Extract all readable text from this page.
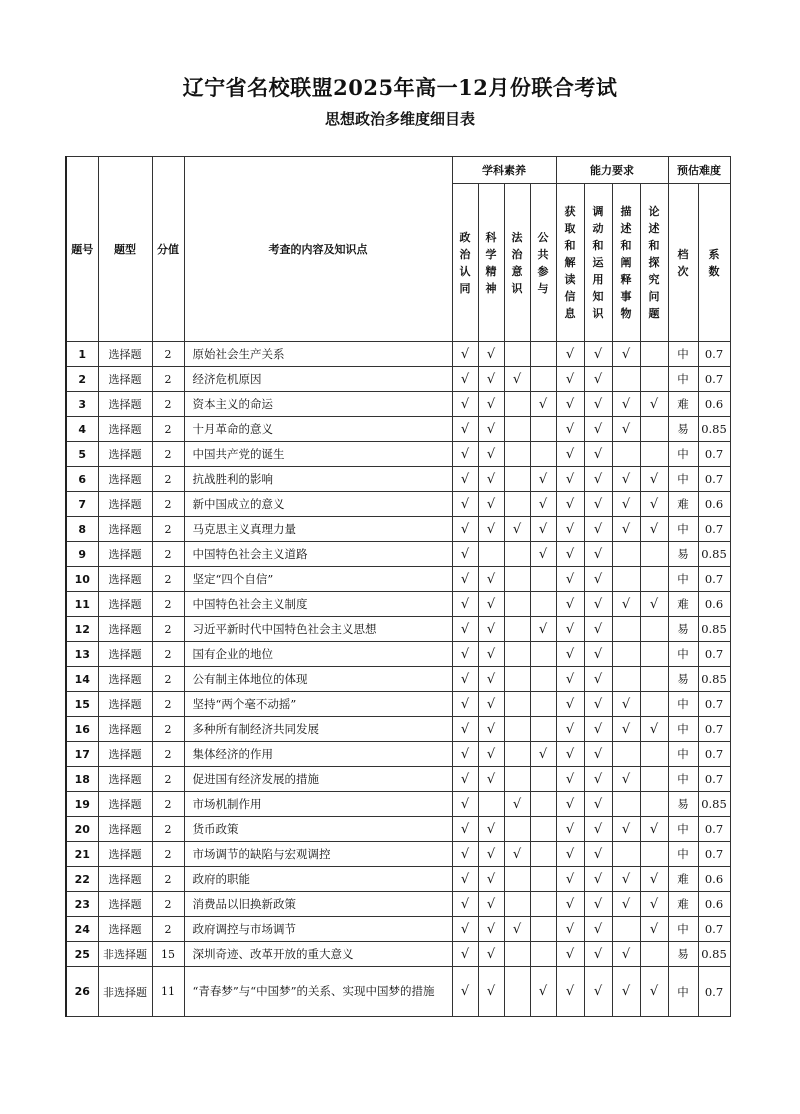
辽宁省名校联盟2025年高一12月份联合考试
思想政治多维度细目表
题号	题型	分值	考查的内容及知识点	学科素养				能力要求				预估难度	
				政治认同	科学精神	法治意识	公共参与	获取和解读信息	调动和运用知识	描述和阐释事物	论述和探究问题	档次	系数
1	选择题	2	原始社会生产关系	√	√			√	√	√		中	0.7
2	选择题	2	经济危机原因	√	√	√		√	√			中	0.7
3	选择题	2	资本主义的命运	√	√		√	√	√	√	√	难	0.6
4	选择题	2	十月革命的意义	√	√			√	√	√		易	0.85
5	选择题	2	中国共产党的诞生	√	√			√	√			中	0.7
6	选择题	2	抗战胜利的影响	√	√		√	√	√	√	√	中	0.7
7	选择题	2	新中国成立的意义	√	√		√	√	√	√	√	难	0.6
8	选择题	2	马克思主义真理力量	√	√	√	√	√	√	√	√	中	0.7
9	选择题	2	中国特色社会主义道路	√			√	√	√			易	0.85
10	选择题	2	坚定“四个自信”	√	√			√	√			中	0.7
11	选择题	2	中国特色社会主义制度	√	√			√	√	√	√	难	0.6
12	选择题	2	习近平新时代中国特色社会主义思想	√	√		√	√	√			易	0.85
13	选择题	2	国有企业的地位	√	√			√	√			中	0.7
14	选择题	2	公有制主体地位的体现	√	√			√	√			易	0.85
15	选择题	2	坚持“两个毫不动摇”	√	√			√	√	√		中	0.7
16	选择题	2	多种所有制经济共同发展	√	√			√	√	√	√	中	0.7
17	选择题	2	集体经济的作用	√	√		√	√	√			中	0.7
18	选择题	2	促进国有经济发展的措施	√	√			√	√	√		中	0.7
19	选择题	2	市场机制作用	√		√		√	√			易	0.85
20	选择题	2	货币政策	√	√			√	√	√	√	中	0.7
21	选择题	2	市场调节的缺陷与宏观调控	√	√	√		√	√			中	0.7
22	选择题	2	政府的职能	√	√			√	√	√	√	难	0.6
23	选择题	2	消费品以旧换新政策	√	√			√	√	√	√	难	0.6
24	选择题	2	政府调控与市场调节	√	√	√		√	√		√	中	0.7
25	非选择题	15	深圳奇迹、改革开放的重大意义	√	√			√	√	√		易	0.85
26	非选择题	11	“青春梦”与“中国梦”的关系、实现中国梦的措施	√	√		√	√	√	√	√	中	0.7
